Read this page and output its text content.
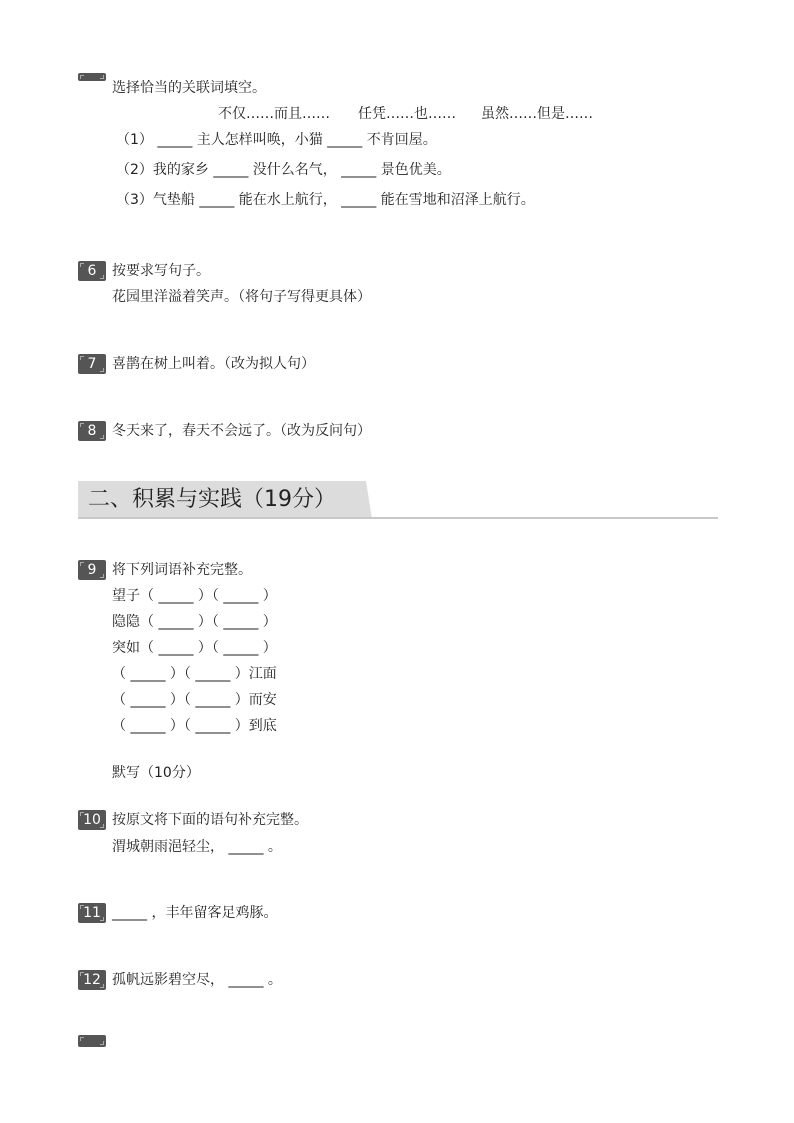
选择恰当的关联词填空。
不仅……而且…… 任凭……也…… 虽然……但是……
（1） _____ 主人怎样叫唤，小猫 _____ 不肯回屋。
（2）我的家乡 _____ 没什么名气， _____ 景色优美。
（3）气垫船 _____ 能在水上航行， _____ 能在雪地和沼泽上航行。
6	按要求写句子。
花园里洋溢着笑声。（将句子写得更具体）
7	喜鹊在树上叫着。（改为拟人句）
8	冬天来了，春天不会远了。（改为反问句）
二、积累与实践（19分）
9	将下列词语补充完整。
望子（ _____ ）（ _____ ）
隐隐（ _____ ）（ _____ ）
突如（ _____ ）（ _____ ）
（ _____ ）（ _____ ）江面
（ _____ ）（ _____ ）而安
（ _____ ）（ _____ ）到底
默写（10分）
10 按原文将下面的语句补充完整。
渭城朝雨浥轻尘， _____ 。
11 _____ ，丰年留客足鸡豚。
12 孤帆远影碧空尽， _____ 。
